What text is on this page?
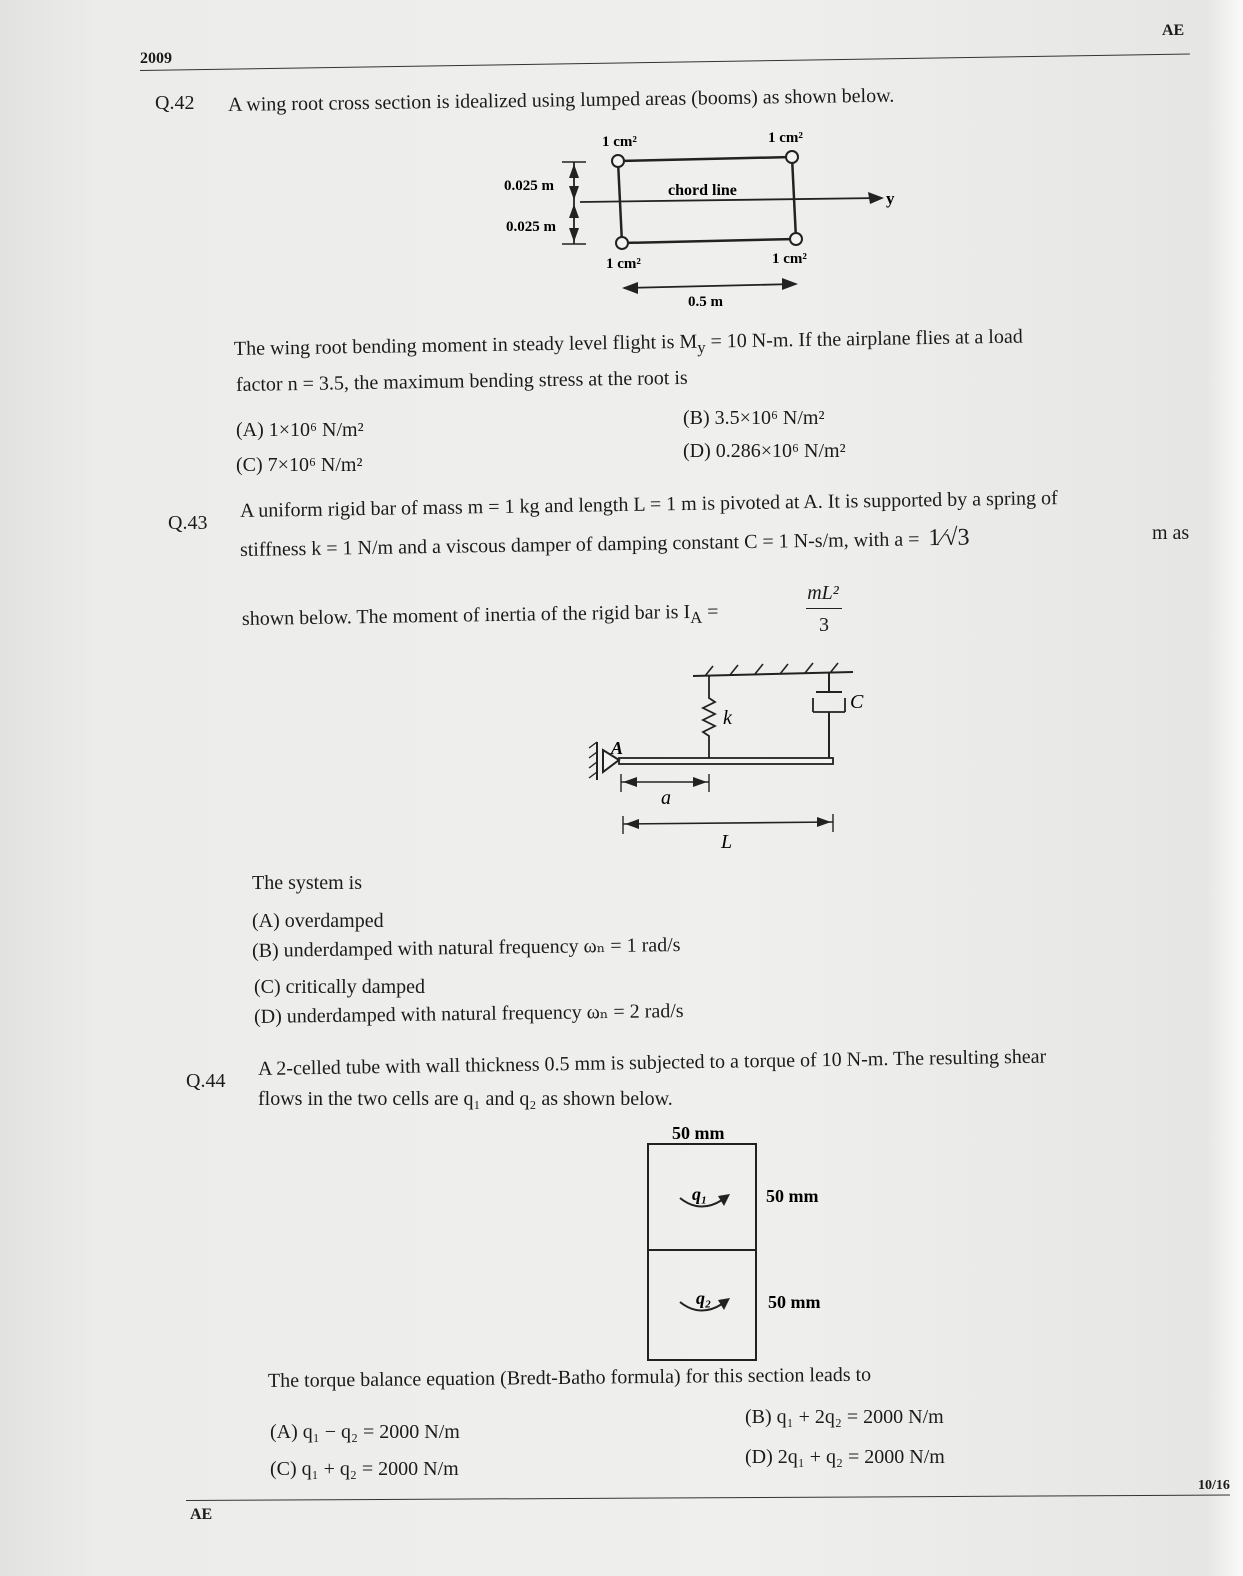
AE
2009
Q.42 A wing root cross section is idealized using lumped areas (booms) as shown below.
1 cm²	1 cm²
1 cm²	1 cm²
0.025 m
0.025 m
chord line	y
0.5 m
The wing root bending moment in steady level flight is $M_y = 10$ N-m. If the airplane flies at a load
factor n = 3.5, the maximum bending stress at the root is
(A) 1×10⁶ N/m²
(B) 3.5×10⁶ N/m²
(C) 7×10⁶ N/m²
(D) 0.286×10⁶ N/m²
Q.43
A uniform rigid bar of mass m = 1 kg and length L = 1 m is pivoted at A. It is supported by a spring of
stiffness k = 1 N/m and a viscous damper of damping constant C = 1 N-s/m, with a = 1⁄√3	m as
shown below. The moment of inertia of the rigid bar is $I_A$ =
mL²
3
k
C
A
a
L
The system is
(A) overdamped
(B) underdamped with natural frequency ωₙ = 1 rad/s
(C) critically damped
(D) underdamped with natural frequency ωₙ = 2 rad/s
Q.44
A 2-celled tube with wall thickness 0.5 mm is subjected to a torque of 10 N-m. The resulting shear
flows in the two cells are q₁ and q₂ as shown below.
50 mm
50 mm
50 mm
q₁
q₂
The torque balance equation (Bredt-Batho formula) for this section leads to
(A) q₁ − q₂ = 2000 N/m
(B) q₁ + 2q₂ = 2000 N/m
(C) q₁ + q₂ = 2000 N/m
(D) 2q₁ + q₂ = 2000 N/m
AE
10/16
